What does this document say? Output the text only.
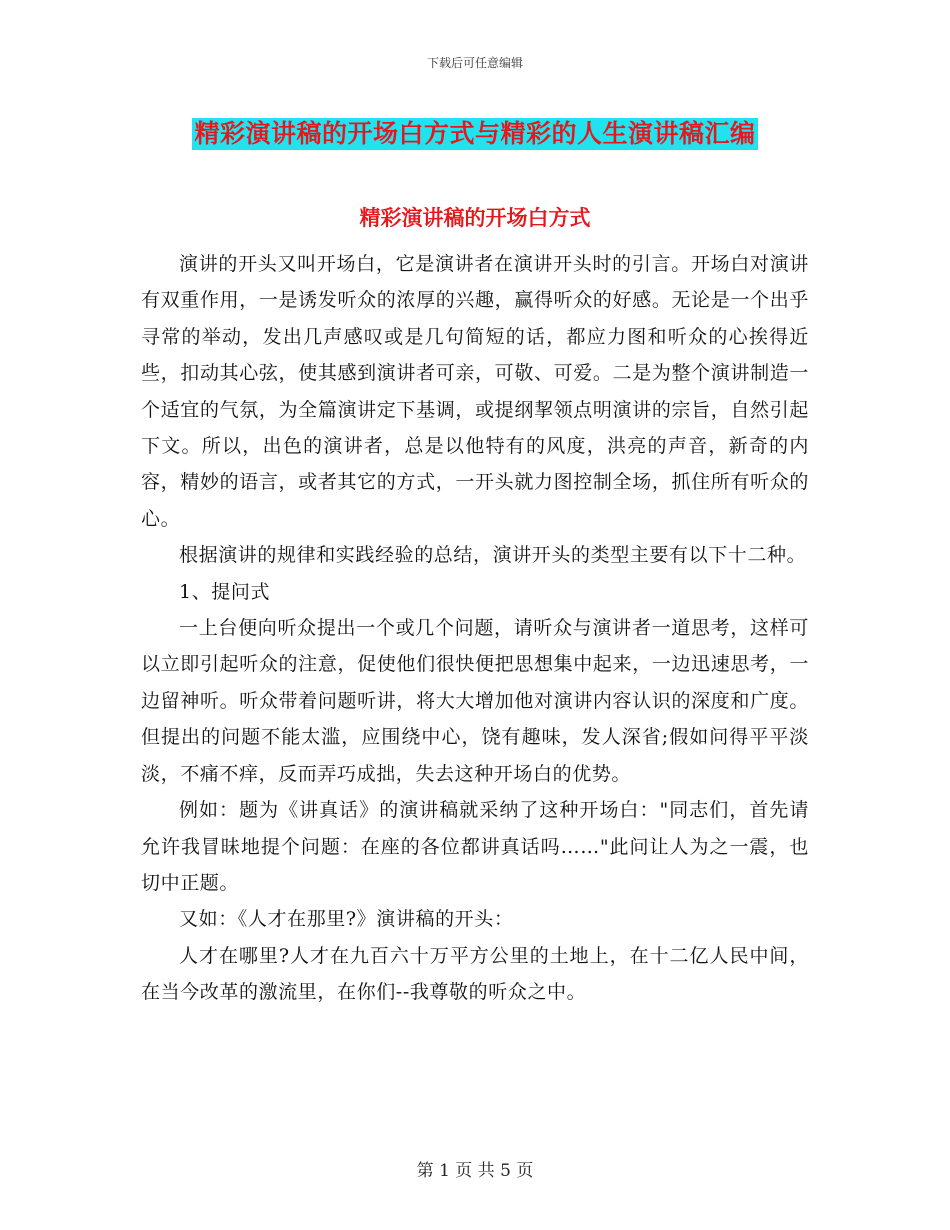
下载后可任意编辑
精彩演讲稿的开场白方式与精彩的人生演讲稿汇编
精彩演讲稿的开场白方式

演讲的开头又叫开场白，它是演讲者在演讲开头时的引言。开场白对演讲有双重作用，一是诱发听众的浓厚的兴趣，赢得听众的好感。无论是一个出乎寻常的举动，发出几声感叹或是几句简短的话，都应力图和听众的心挨得近些，扣动其心弦，使其感到演讲者可亲，可敬、可爱。二是为整个演讲制造一个适宜的气氛，为全篇演讲定下基调，或提纲挈领点明演讲的宗旨，自然引起下文。所以，出色的演讲者，总是以他特有的风度，洪亮的声音，新奇的内容，精妙的语言，或者其它的方式，一开头就力图控制全场，抓住所有听众的心。

根据演讲的规律和实践经验的总结，演讲开头的类型主要有以下十二种。

1、提问式

一上台便向听众提出一个或几个问题，请听众与演讲者一道思考，这样可以立即引起听众的注意，促使他们很快便把思想集中起来，一边迅速思考，一边留神听。听众带着问题听讲，将大大增加他对演讲内容认识的深度和广度。但提出的问题不能太滥，应围绕中心，饶有趣味，发人深省;假如问得平平淡淡，不痛不痒，反而弄巧成拙，失去这种开场白的优势。

例如：题为《讲真话》的演讲稿就采纳了这种开场白："同志们，首先请允许我冒昧地提个问题：在座的各位都讲真话吗……"此问让人为之一震，也切中正题。

又如：《人才在那里?》演讲稿的开头：

人才在哪里?人才在九百六十万平方公里的土地上，在十二亿人民中间，在当今改革的激流里，在你们--我尊敬的听众之中。

第 1 页 共 5 页
